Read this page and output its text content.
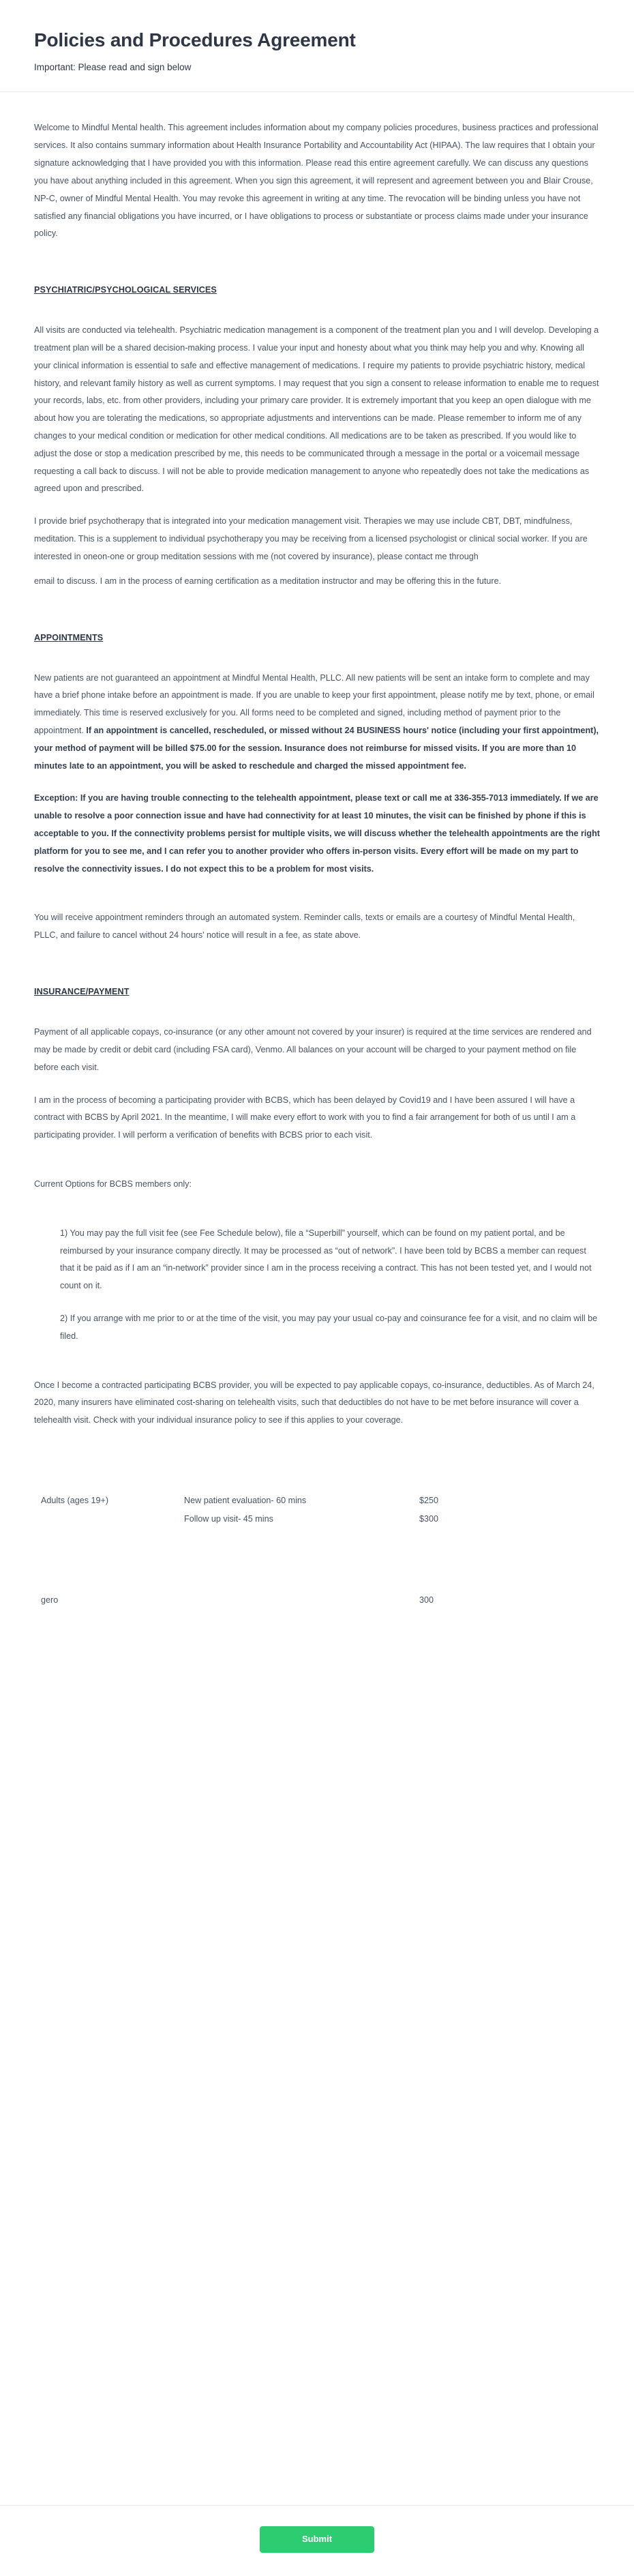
Policies and Procedures Agreement

Important: Please read and sign below

Welcome to Mindful Mental health. This agreement includes information about my company policies procedures, business practices and professional services. It also contains summary information about Health Insurance Portability and Accountability Act (HIPAA). The law requires that I obtain your signature acknowledging that I have provided you with this information. Please read this entire agreement carefully. We can discuss any questions you have about anything included in this agreement. When you sign this agreement, it will represent and agreement between you and Blair Crouse, NP-C, owner of Mindful Mental Health. You may revoke this agreement in writing at any time. The revocation will be binding unless you have not satisfied any financial obligations you have incurred, or I have obligations to process or substantiate or process claims made under your insurance policy.

PSYCHIATRIC/PSYCHOLOGICAL SERVICES

All visits are conducted via telehealth. Psychiatric medication management is a component of the treatment plan you and I will develop. Developing a treatment plan will be a shared decision-making process. I value your input and honesty about what you think may help you and why. Knowing all your clinical information is essential to safe and effective management of medications. I require my patients to provide psychiatric history, medical history, and relevant family history as well as current symptoms. I may request that you sign a consent to release information to enable me to request your records, labs, etc. from other providers, including your primary care provider. It is extremely important that you keep an open dialogue with me about how you are tolerating the medications, so appropriate adjustments and interventions can be made. Please remember to inform me of any changes to your medical condition or medication for other medical conditions. All medications are to be taken as prescribed. If you would like to adjust the dose or stop a medication prescribed by me, this needs to be communicated through a message in the portal or a voicemail message requesting a call back to discuss. I will not be able to provide medication management to anyone who repeatedly does not take the medications as agreed upon and prescribed.

I provide brief psychotherapy that is integrated into your medication management visit. Therapies we may use include CBT, DBT, mindfulness, meditation. This is a supplement to individual psychotherapy you may be receiving from a licensed psychologist or clinical social worker. If you are interested in oneon-one or group meditation sessions with me (not covered by insurance), please contact me through

email to discuss. I am in the process of earning certification as a meditation instructor and may be offering this in the future.

APPOINTMENTS

New patients are not guaranteed an appointment at Mindful Mental Health, PLLC. All new patients will be sent an intake form to complete and may have a brief phone intake before an appointment is made. If you are unable to keep your first appointment, please notify me by text, phone, or email immediately. This time is reserved exclusively for you. All forms need to be completed and signed, including method of payment prior to the appointment. If an appointment is cancelled, rescheduled, or missed without 24 BUSINESS hours' notice (including your first appointment), your method of payment will be billed $75.00 for the session. Insurance does not reimburse for missed visits. If you are more than 10 minutes late to an appointment, you will be asked to reschedule and charged the missed appointment fee.

Exception: If you are having trouble connecting to the telehealth appointment, please text or call me at 336-355-7013 immediately. If we are unable to resolve a poor connection issue and have had connectivity for at least 10 minutes, the visit can be finished by phone if this is acceptable to you. If the connectivity problems persist for multiple visits, we will discuss whether the telehealth appointments are the right platform for you to see me, and I can refer you to another provider who offers in-person visits. Every effort will be made on my part to resolve the connectivity issues. I do not expect this to be a problem for most visits.

You will receive appointment reminders through an automated system. Reminder calls, texts or emails are a courtesy of Mindful Mental Health, PLLC, and failure to cancel without 24 hours' notice will result in a fee, as state above.

INSURANCE/PAYMENT

Payment of all applicable copays, co-insurance (or any other amount not covered by your insurer) is required at the time services are rendered and may be made by credit or debit card (including FSA card), Venmo. All balances on your account will be charged to your payment method on file before each visit.

I am in the process of becoming a participating provider with BCBS, which has been delayed by Covid19 and I have been assured I will have a contract with BCBS by April 2021. In the meantime, I will make every effort to work with you to find a fair arrangement for both of us until I am a participating provider. I will perform a verification of benefits with BCBS prior to each visit.

Current Options for BCBS members only:

1) You may pay the full visit fee (see Fee Schedule below), file a “Superbill” yourself, which can be found on my patient portal, and be reimbursed by your insurance company directly. It may be processed as “out of network”. I have been told by BCBS a member can request that it be paid as if I am an “in-network” provider since I am in the process receiving a contract. This has not been tested yet, and I would not count on it.

2) If you arrange with me prior to or at the time of the visit, you may pay your usual co-pay and coinsurance fee for a visit, and no claim will be filed.

Once I become a contracted participating BCBS provider, you will be expected to pay applicable copays, co-insurance, deductibles. As of March 24, 2020, many insurers have eliminated cost-sharing on telehealth visits, such that deductibles do not have to be met before insurance will cover a telehealth visit. Check with your individual insurance policy to see if this applies to your coverage.

Adults (ages 19+)	New patient evaluation- 60 mins	$250
	Follow up visit- 45 mins	$300
gero		300
Submit
